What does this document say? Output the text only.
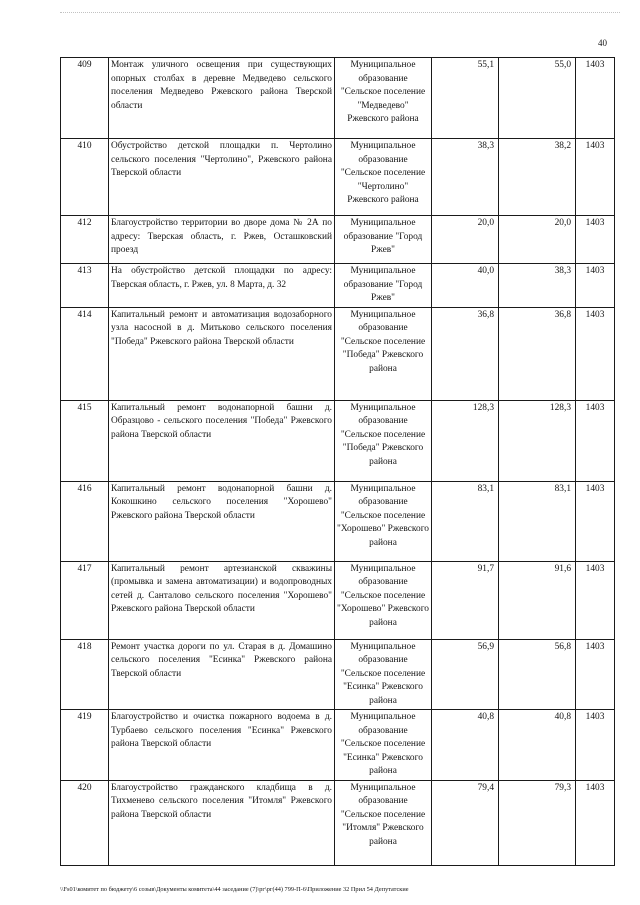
40
409	Монтаж уличного освещения при существующих опорных столбах в деревне Медведево сельского поселения Медведево Ржевского района Тверской области	Муниципальное образование "Сельское поселение "Медведево" Ржевского района	55,1	55,0	1403
410	Обустройство детской площадки п. Чертолино сельского поселения "Чертолино", Ржевского района Тверской области	Муниципальное образование "Сельское поселение "Чертолино" Ржевского района	38,3	38,2	1403
412	Благоустройство территории во дворе дома № 2А по адресу: Тверская область, г. Ржев, Осташковский проезд	Муниципальное образование "Город Ржев"	20,0	20,0	1403
413	На обустройство детской площадки по адресу: Тверская область, г. Ржев, ул. 8 Марта, д. 32	Муниципальное образование "Город Ржев"	40,0	38,3	1403
414	Капитальный ремонт и автоматизация водозаборного узла насосной в д. Митьково сельского поселения "Победа" Ржевского района Тверской области	Муниципальное образование "Сельское поселение "Победа" Ржевского района	36,8	36,8	1403
415	Капитальный ремонт водонапорной башни д. Образцово - сельского поселения "Победа" Ржевского района Тверской области	Муниципальное образование "Сельское поселение "Победа" Ржевского района	128,3	128,3	1403
416	Капитальный ремонт водонапорной башни д. Кокошкино сельского поселения "Хорошево" Ржевского района Тверской области	Муниципальное образование "Сельское поселение "Хорошево" Ржевского района	83,1	83,1	1403
417	Капитальный ремонт артезианской скважины (промывка и замена автоматизации) и водопроводных сетей д. Санталово сельского поселения "Хорошево" Ржевского района Тверской области	Муниципальное образование "Сельское поселение "Хорошево" Ржевского района	91,7	91,6	1403
418	Ремонт участка дороги по ул. Старая в д. Домашино сельского поселения "Есинка" Ржевского района Тверской области	Муниципальное образование "Сельское поселение "Есинка" Ржевского района	56,9	56,8	1403
419	Благоустройство и очистка пожарного водоема в д. Турбаево сельского поселения "Есинка" Ржевского района Тверской области	Муниципальное образование "Сельское поселение "Есинка" Ржевского района	40,8	40,8	1403
420	Благоустройство гражданского кладбища в д. Тихменево сельского поселения "Итомля" Ржевского района Тверской области	Муниципальное образование "Сельское поселение "Итомля" Ржевского района	79,4	79,3	1403
\\Fs01\комитет по бюджету\6 созыв\Документы комитета\44 заседание (7)\рг\рг(44) 799-П-6\Приложение 32 Прил 54 Депутатские
